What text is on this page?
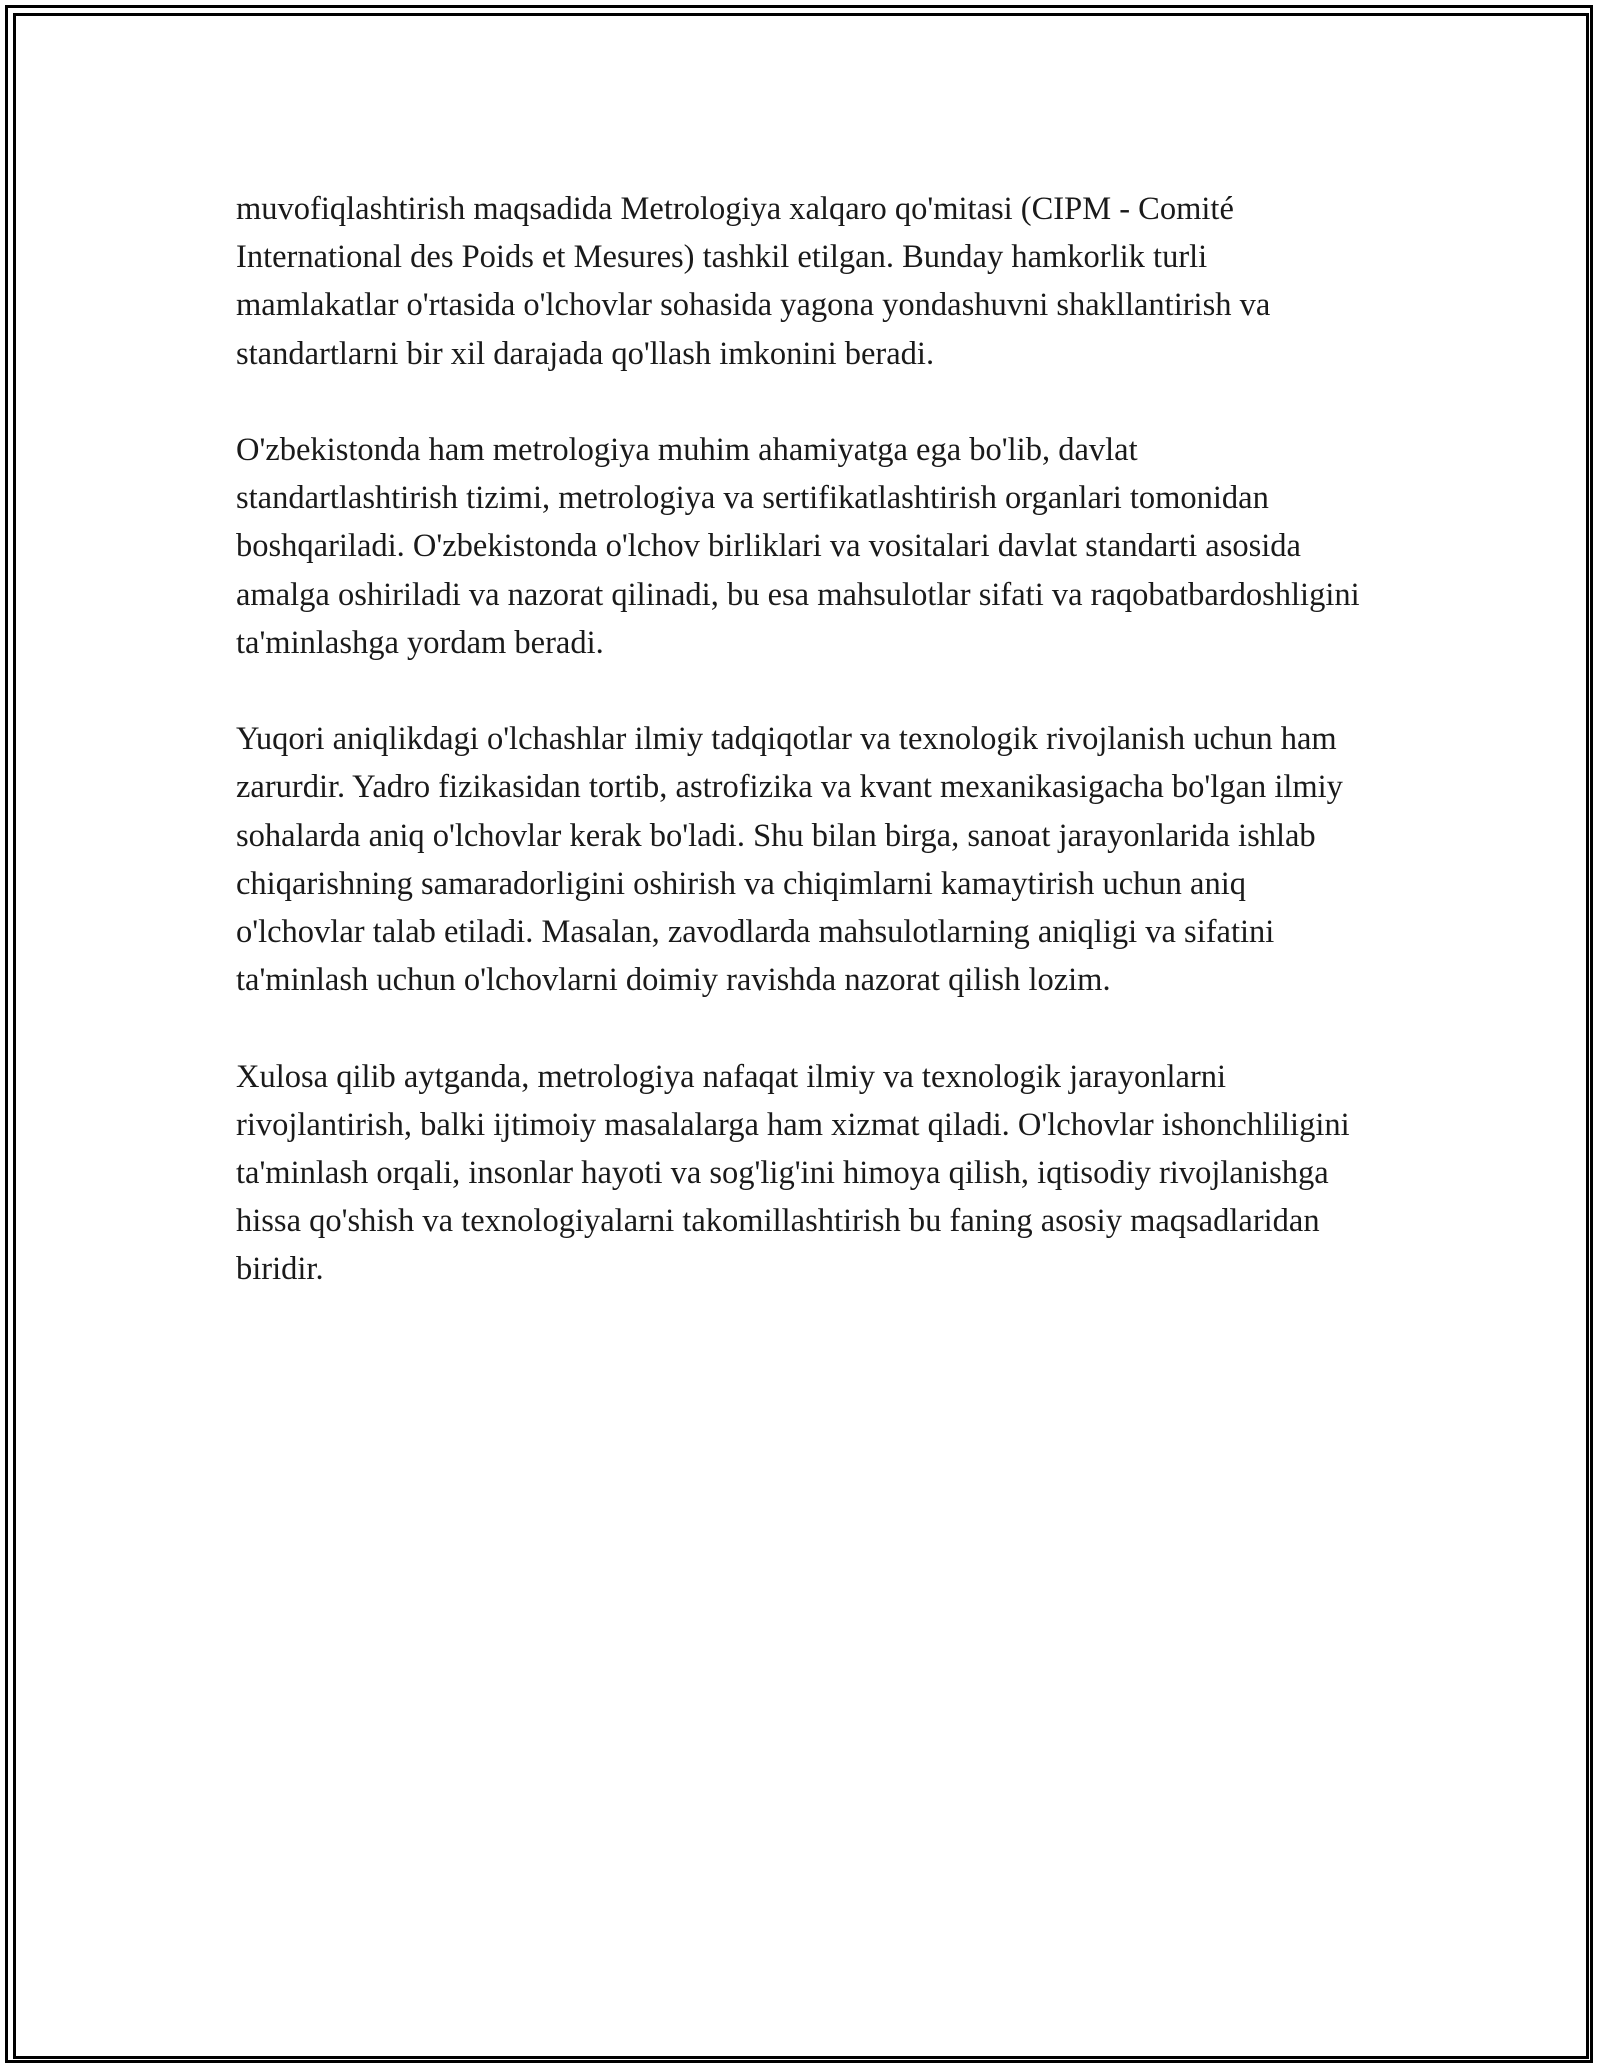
muvofiqlashtirish maqsadida Metrologiya xalqaro qo'mitasi (CIPM - Comité International des Poids et Mesures) tashkil etilgan. Bunday hamkorlik turli mamlakatlar o'rtasida o'lchovlar sohasida yagona yondashuvni shakllantirish va standartlarni bir xil darajada qo'llash imkonini beradi.

O'zbekistonda ham metrologiya muhim ahamiyatga ega bo'lib, davlat standartlashtirish tizimi, metrologiya va sertifikatlashtirish organlari tomonidan boshqariladi. O'zbekistonda o'lchov birliklari va vositalari davlat standarti asosida amalga oshiriladi va nazorat qilinadi, bu esa mahsulotlar sifati va raqobatbardoshligini ta'minlashga yordam beradi.

Yuqori aniqlikdagi o'lchashlar ilmiy tadqiqotlar va texnologik rivojlanish uchun ham zarurdir. Yadro fizikasidan tortib, astrofizika va kvant mexanikasigacha bo'lgan ilmiy sohalarda aniq o'lchovlar kerak bo'ladi. Shu bilan birga, sanoat jarayonlarida ishlab chiqarishning samaradorligini oshirish va chiqimlarni kamaytirish uchun aniq o'lchovlar talab etiladi. Masalan, zavodlarda mahsulotlarning aniqligi va sifatini ta'minlash uchun o'lchovlarni doimiy ravishda nazorat qilish lozim.

Xulosa qilib aytganda, metrologiya nafaqat ilmiy va texnologik jarayonlarni rivojlantirish, balki ijtimoiy masalalarga ham xizmat qiladi. O'lchovlar ishonchliligini ta'minlash orqali, insonlar hayoti va sog'lig'ini himoya qilish, iqtisodiy rivojlanishga hissa qo'shish va texnologiyalarni takomillashtirish bu faning asosiy maqsadlaridan biridir.
